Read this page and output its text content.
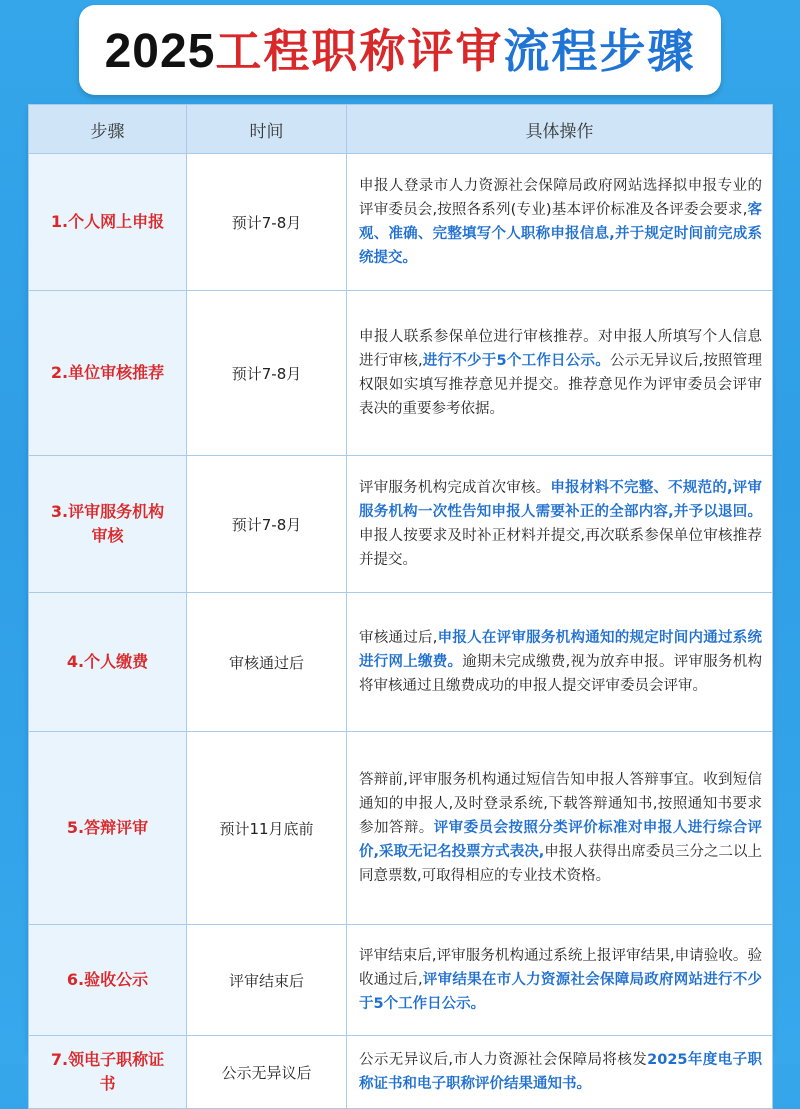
2025 工程职称评审 流程步骤
步骤	时间	具体操作
1.个人网上申报	预计7-8月	申报人登录市人力资源社会保障局政府网站选择拟申报专业的评审委员会,按照各系列(专业)基本评价标准及各评委会要求,客观、准确、完整填写个人职称申报信息,并于规定时间前完成系统提交。
2.单位审核推荐	预计7-8月	申报人联系参保单位进行审核推荐。对申报人所填写个人信息进行审核,进行不少于5个工作日公示。公示无异议后,按照管理权限如实填写推荐意见并提交。推荐意见作为评审委员会评审表决的重要参考依据。
3.评审服务机构审核	预计7-8月	评审服务机构完成首次审核。申报材料不完整、不规范的,评审服务机构一次性告知申报人需要补正的全部内容,并予以退回。申报人按要求及时补正材料并提交,再次联系参保单位审核推荐并提交。
4.个人缴费	审核通过后	审核通过后,申报人在评审服务机构通知的规定时间内通过系统进行网上缴费。逾期未完成缴费,视为放弃申报。评审服务机构将审核通过且缴费成功的申报人提交评审委员会评审。
5.答辩评审	预计11月底前	答辩前,评审服务机构通过短信告知申报人答辩事宜。收到短信通知的申报人,及时登录系统,下载答辩通知书,按照通知书要求参加答辩。评审委员会按照分类评价标准对申报人进行综合评价,采取无记名投票方式表决,申报人获得出席委员三分之二以上同意票数,可取得相应的专业技术资格。
6.验收公示	评审结束后	评审结束后,评审服务机构通过系统上报评审结果,申请验收。验收通过后,评审结果在市人力资源社会保障局政府网站进行不少于5个工作日公示。
7.领电子职称证书	公示无异议后	公示无异议后,市人力资源社会保障局将核发2025年度电子职称证书和电子职称评价结果通知书。
